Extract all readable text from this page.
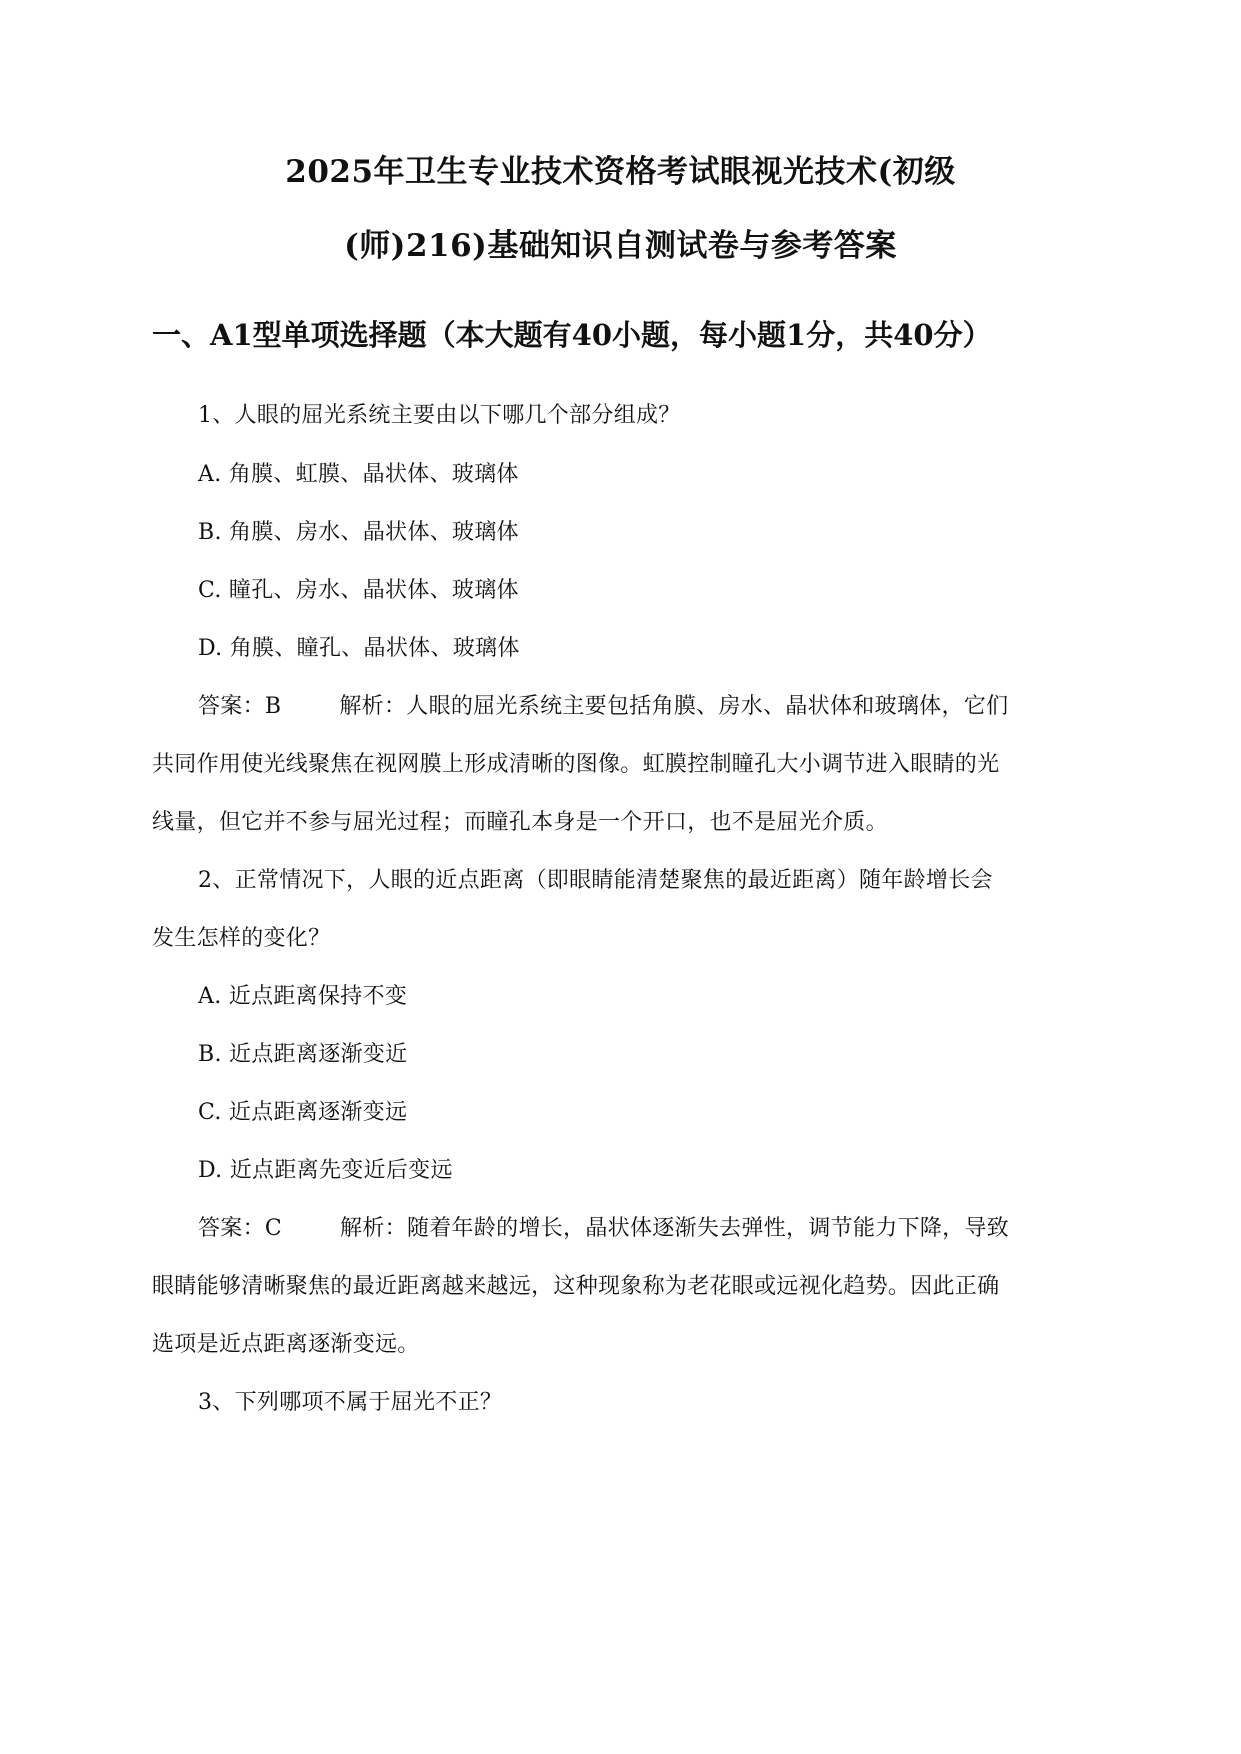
2025年卫生专业技术资格考试眼视光技术(初级
(师)216)基础知识自测试卷与参考答案
一、A1型单项选择题（本大题有40小题，每小题1分，共40分）
1、人眼的屈光系统主要由以下哪几个部分组成？
A. 角膜、虹膜、晶状体、玻璃体
B. 角膜、房水、晶状体、玻璃体
C. 瞳孔、房水、晶状体、玻璃体
D. 角膜、瞳孔、晶状体、玻璃体
答案：B	解析：人眼的屈光系统主要包括角膜、房水、晶状体和玻璃体，它们
共同作用使光线聚焦在视网膜上形成清晰的图像。虹膜控制瞳孔大小调节进入眼睛的光
线量，但它并不参与屈光过程；而瞳孔本身是一个开口，也不是屈光介质。
2、正常情况下，人眼的近点距离（即眼睛能清楚聚焦的最近距离）随年龄增长会
发生怎样的变化？
A. 近点距离保持不变
B. 近点距离逐渐变近
C. 近点距离逐渐变远
D. 近点距离先变近后变远
答案：C	解析：随着年龄的增长，晶状体逐渐失去弹性，调节能力下降，导致
眼睛能够清晰聚焦的最近距离越来越远，这种现象称为老花眼或远视化趋势。因此正确
选项是近点距离逐渐变远。
3、下列哪项不属于屈光不正？
